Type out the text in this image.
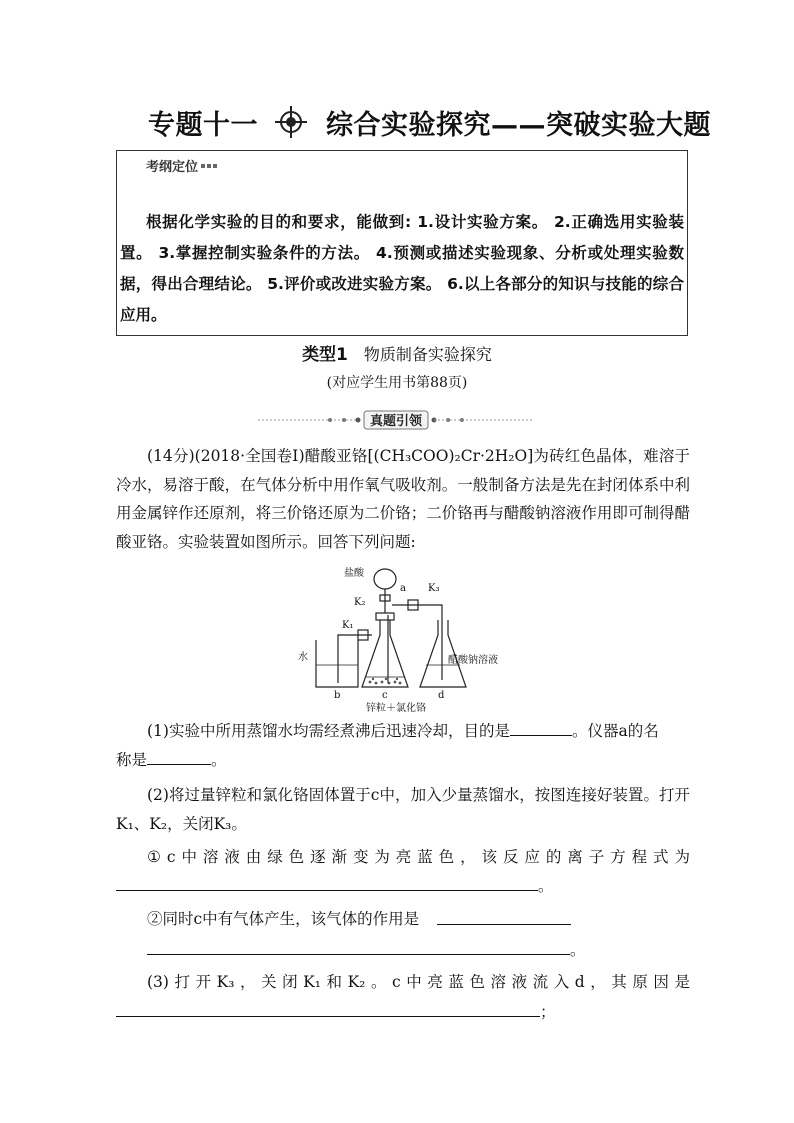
专题十一	综合实验探究——突破实验大题
考纲定位
根据化学实验的目的和要求，能做到: 1.设计实验方案。 2.正确选用实验装置。 3.掌握控制实验条件的方法。 4.预测或描述实验现象、分析或处理实验数据，得出合理结论。 5.评价或改进实验方案。 6.以上各部分的知识与技能的综合应用。
类型1 物质制备实验探究
(对应学生用书第88页)
真题引领
(14分)(2018·全国卷Ⅰ)醋酸亚铬[(CH₃COO)₂Cr·2H₂O]为砖红色晶体，难溶于冷水，易溶于酸，在气体分析中用作氧气吸收剂。一般制备方法是先在封闭体系中利用金属锌作还原剂，将三价铬还原为二价铬；二价铬再与醋酸钠溶液作用即可制得醋酸亚铬。实验装置如图所示。回答下列问题:
盐酸
a K₃
K₂
K₁
水
b	c	d
醋酸钠溶液
锌粒＋氯化铬
(1)实验中所用蒸馏水均需经煮沸后迅速冷却，目的是	。仪器a的名

称是	。
(2)将过量锌粒和氯化铬固体置于c中，加入少量蒸馏水，按图连接好装置。打开K₁、K₂，关闭K₃。
①c中溶液由绿色逐渐变为亮蓝色，该反应的离子方程式为
。
②同时c中有气体产生，该气体的作用是
。
(3)打开K₃，关闭K₁和K₂。c中亮蓝色溶液流入d，其原因是
；
